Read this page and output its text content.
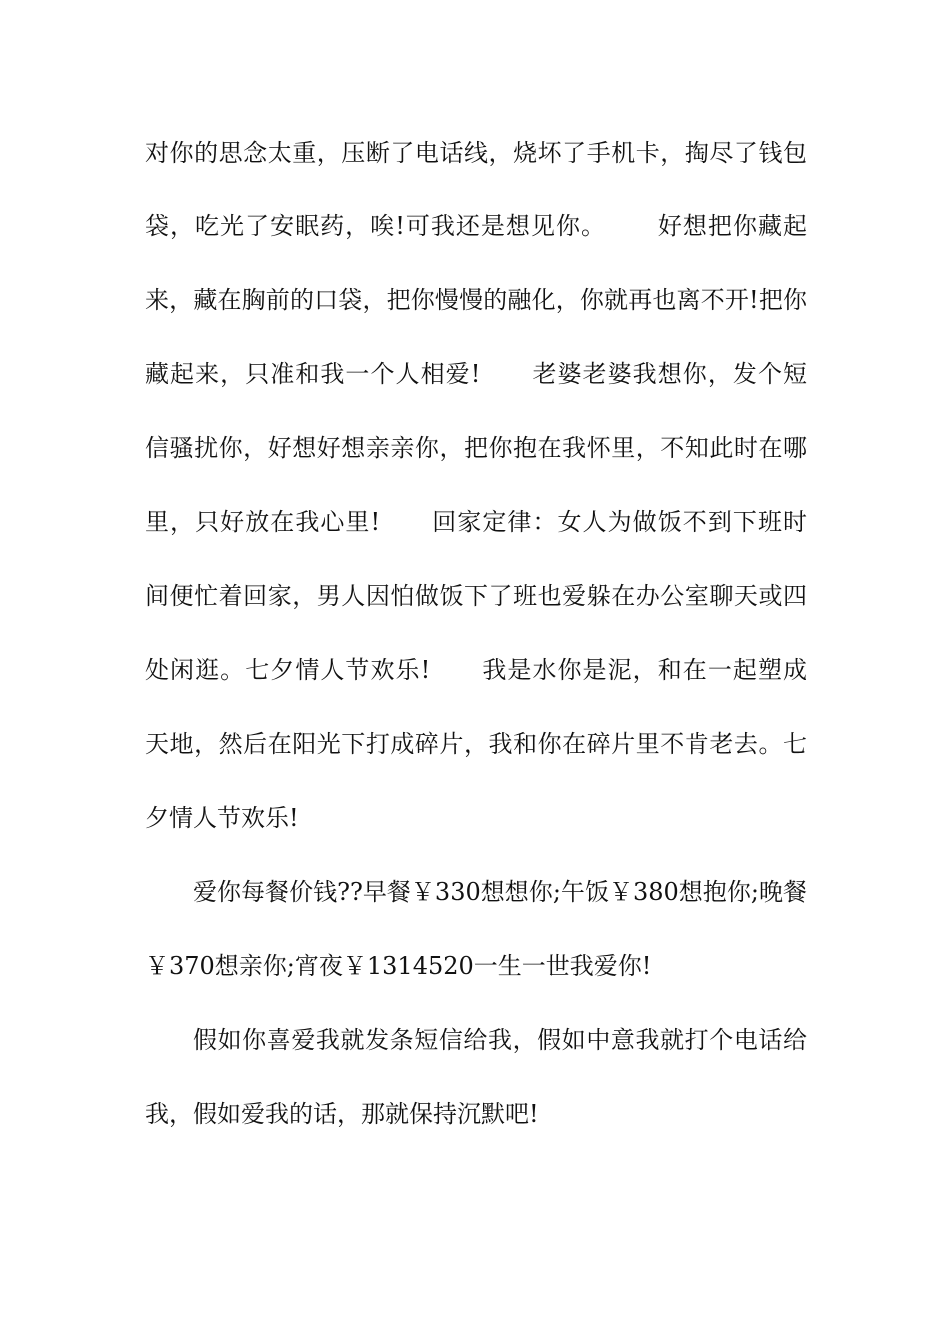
对你的思念太重，压断了电话线，烧坏了手机卡，掏尽了钱包
袋，吃光了安眠药，唉!可我还是想见你。      好想把你藏起
来，藏在胸前的口袋，把你慢慢的融化，你就再也离不开!把你
藏起来，只准和我一个人相爱!      老婆老婆我想你，发个短
信骚扰你，好想好想亲亲你，把你抱在我怀里，不知此时在哪
里，只好放在我心里!      回家定律：女人为做饭不到下班时
间便忙着回家，男人因怕做饭下了班也爱躲在办公室聊天或四
处闲逛。七夕情人节欢乐!      我是水你是泥，和在一起塑成
天地，然后在阳光下打成碎片，我和你在碎片里不肯老去。七
夕情人节欢乐!
爱你每餐价钱??早餐￥330想想你;午饭￥380想抱你;晚餐
￥370想亲你;宵夜￥1314520一生一世我爱你!
假如你喜爱我就发条短信给我，假如中意我就打个电话给
我，假如爱我的话，那就保持沉默吧!
